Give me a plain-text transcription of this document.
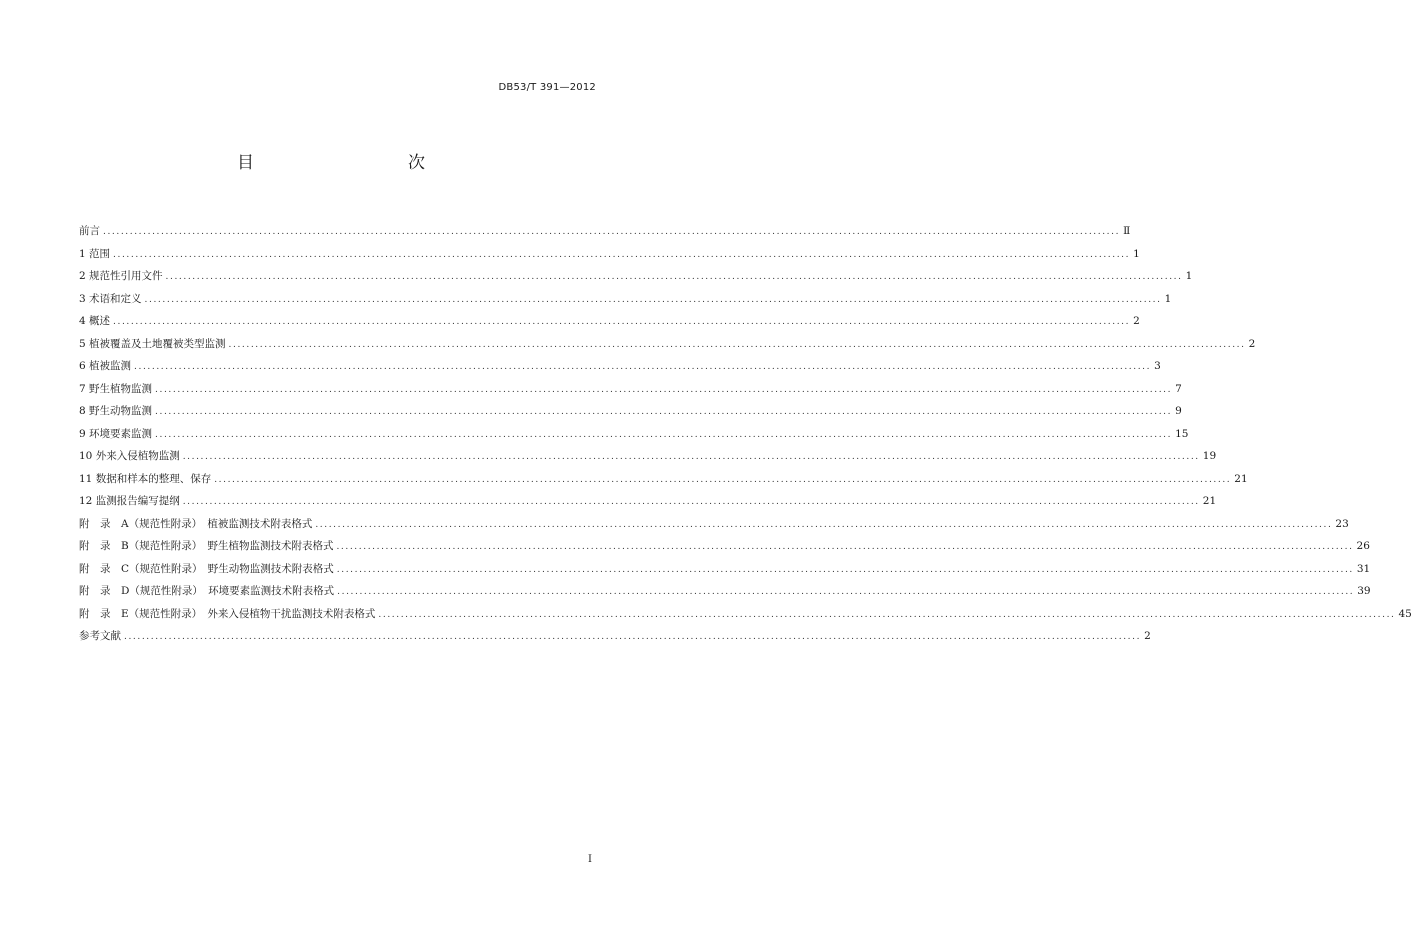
DB53/T 391—2012
目　　次
前言 .................................................................................................................................................................................................................................... Ⅱ
1 范围 .................................................................................................................................................................................................................................... 1
2 规范性引用文件 .................................................................................................................................................................................................................................... 1
3 术语和定义 .................................................................................................................................................................................................................................... 1
4 概述 .................................................................................................................................................................................................................................... 2
5 植被覆盖及土地覆被类型监测 .................................................................................................................................................................................................................................... 2
6 植被监测 .................................................................................................................................................................................................................................... 3
7 野生植物监测 .................................................................................................................................................................................................................................... 7
8 野生动物监测 .................................................................................................................................................................................................................................... 9
9 环境要素监测 .................................................................................................................................................................................................................................... 15
10 外来入侵植物监测 .................................................................................................................................................................................................................................... 19
11 数据和样本的整理、保存 .................................................................................................................................................................................................................................... 21
12 监测报告编写提纲 .................................................................................................................................................................................................................................... 21
附　录　A（规范性附录）　植被监测技术附表格式 .................................................................................................................................................................................................................................... 23
附　录　B（规范性附录）　野生植物监测技术附表格式 .................................................................................................................................................................................................................................... 26
附　录　C（规范性附录）　野生动物监测技术附表格式 .................................................................................................................................................................................................................................... 31
附　录　D（规范性附录）　环境要素监测技术附表格式 .................................................................................................................................................................................................................................... 39
附　录　E（规范性附录）　外来入侵植物干扰监测技术附表格式 .................................................................................................................................................................................................................................... 45
参考文献 .................................................................................................................................................................................................................................... 2
I
